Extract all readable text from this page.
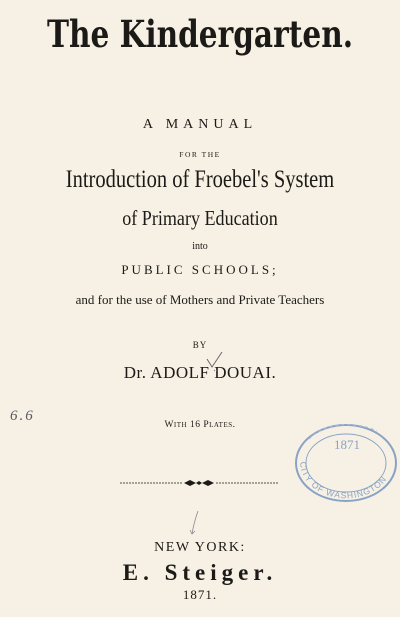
The Kindergarten.
A MANUAL
FOR THE
Introduction of Froebel's System
of Primary Education
into
PUBLIC SCHOOLS;
and for the use of Mothers and Private Teachers
BY
Dr. ADOLF DOUAI.
With 16 Plates.
6.6
1871
CITY OF WASHINGTON
NEW YORK:
E. Steiger.
1871.
